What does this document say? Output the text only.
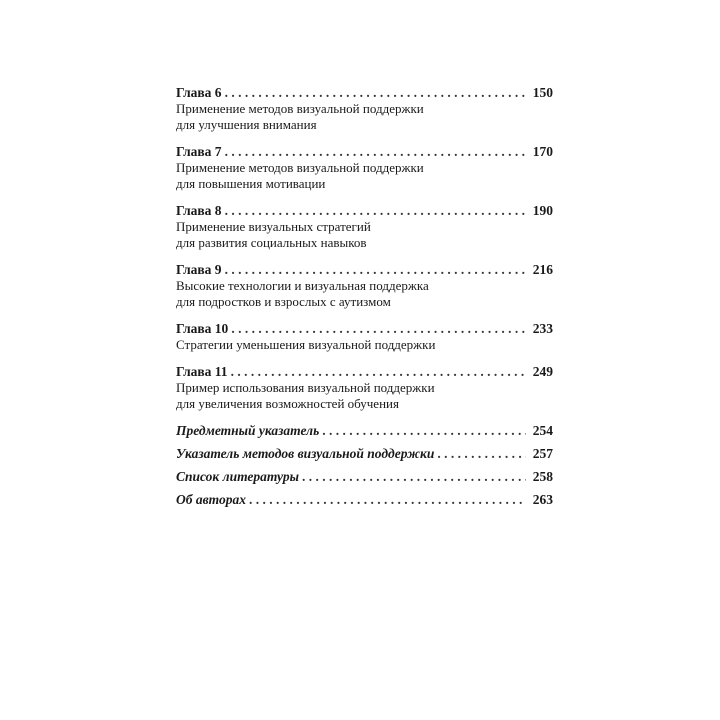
Глава 6 . . .	150
Применение методов визуальной поддержки
для улучшения внимания
Глава 7 . . .	170
Применение методов визуальной поддержки
для повышения мотивации
Глава 8 . . .	190
Применение визуальных стратегий
для развития социальных навыков
Глава 9 . . .	216
Высокие технологии и визуальная поддержка
для подростков и взрослых с аутизмом
Глава 10 . . .	233
Стратегии уменьшения визуальной поддержки
Глава 11 . . .	249
Пример использования визуальной поддержки
для увеличения возможностей обучения
Предметный указатель . . .	254
Указатель методов визуальной поддержки . . .	257
Список литературы . . .	258
Об авторах . . .	263
